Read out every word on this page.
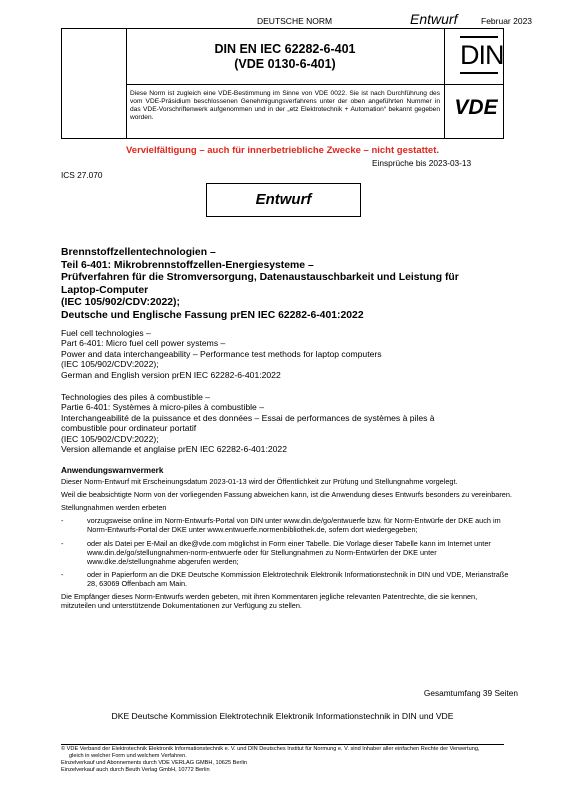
DEUTSCHE NORM	Entwurf	Februar 2023
DIN EN IEC 62282-6-401
(VDE 0130-6-401)
Diese Norm ist zugleich eine VDE-Bestimmung im Sinne von VDE 0022. Sie ist nach Durchführung des vom VDE-Präsidium beschlossenen Genehmigungsverfahrens unter der oben angeführten Nummer in das VDE-Vorschriftenwerk aufgenommen und in der „etz Elektrotechnik + Automation“ bekannt gegeben worden.
DIN
VDE
Vervielfältigung – auch für innerbetriebliche Zwecke – nicht gestattet.
Einsprüche bis 2023-03-13
ICS 27.070
Entwurf
Brennstoffzellentechnologien –
Teil 6-401: Mikrobrennstoffzellen-Energiesysteme –
Prüfverfahren für die Stromversorgung, Datenaustauschbarkeit und Leistung für
Laptop-Computer
(IEC 105/902/CDV:2022);
Deutsche und Englische Fassung prEN IEC 62282-6-401:2022
Fuel cell technologies –
Part 6-401: Micro fuel cell power systems –
Power and data interchangeability – Performance test methods for laptop computers
(IEC 105/902/CDV:2022);
German and English version prEN IEC 62282-6-401:2022
Technologies des piles à combustible –
Partie 6-401: Systèmes à micro-piles à combustible –
Interchangeabilité de la puissance et des données – Essai de performances de systèmes à piles à
combustible pour ordinateur portatif
(IEC 105/902/CDV:2022);
Version allemande et anglaise prEN IEC 62282-6-401:2022
Anwendungswarnvermerk
Dieser Norm-Entwurf mit Erscheinungsdatum 2023-01-13 wird der Öffentlichkeit zur Prüfung und Stellungnahme vorgelegt.
Weil die beabsichtigte Norm von der vorliegenden Fassung abweichen kann, ist die Anwendung dieses Entwurfs besonders zu vereinbaren.
Stellungnahmen werden erbeten
-	vorzugsweise online im Norm-Entwurfs-Portal von DIN unter www.din.de/go/entwuerfe bzw. für Norm-Entwürfe der DKE auch im Norm-Entwurfs-Portal der DKE unter www.entwuerfe.normenbibliothek.de, sofern dort wiedergegeben;
-	oder als Datei per E-Mail an dke@vde.com möglichst in Form einer Tabelle. Die Vorlage dieser Tabelle kann im Internet unter www.din.de/go/stellungnahmen-norm-entwuerfe oder für Stellungnahmen zu Norm-Entwürfen der DKE unter www.dke.de/stellungnahme abgerufen werden;
-	oder in Papierform an die DKE Deutsche Kommission Elektrotechnik Elektronik Informationstechnik in DIN und VDE, Merianstraße 28, 63069 Offenbach am Main.
Die Empfänger dieses Norm-Entwurfs werden gebeten, mit ihren Kommentaren jegliche relevanten Patentrechte, die sie kennen, mitzuteilen und unterstützende Dokumentationen zur Verfügung zu stellen.
Gesamtumfang 39 Seiten
DKE Deutsche Kommission Elektrotechnik Elektronik Informationstechnik in DIN und VDE
© VDE Verband der Elektrotechnik Elektronik Informationstechnik e. V. und DIN Deutsches Institut für Normung e. V. sind Inhaber aller einfachen Rechte der Verwertung,
gleich in welcher Form und welchem Verfahren.
Einzelverkauf und Abonnements durch VDE VERLAG GMBH, 10625 Berlin
Einzelverkauf auch durch Beuth Verlag GmbH, 10772 Berlin
